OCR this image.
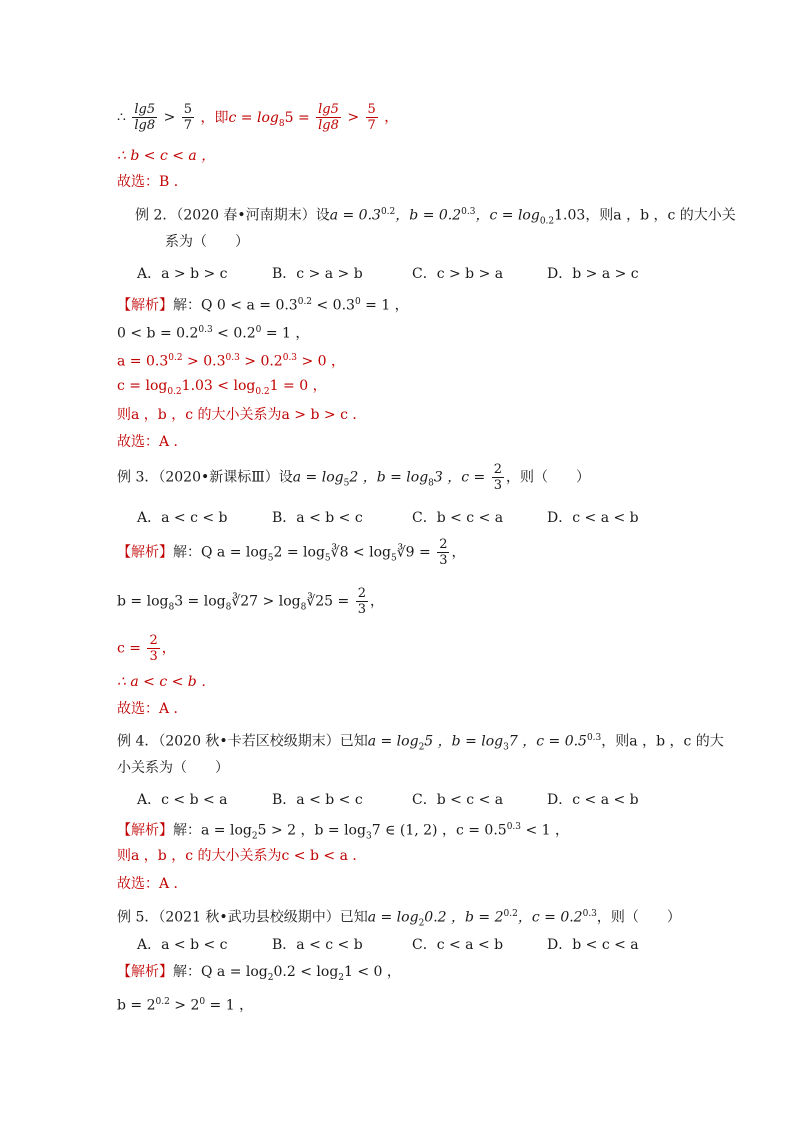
∴ $\frac{\lg 5}{\lg 8} > \frac{5}{7}$ ，即$c = \log_85 = \frac{\lg 5}{\lg 8} > \frac{5}{7}$ ，
∴ b < c < a ，
故选：B ．
例 2．（2020 春•河南期末）设$a = 0.3^{0.2}$，$b = 0.2^{0.3}$，$c = \log_{0.2}1.03$，则a ，b ，c 的大小关
系为（ ）
A．a > b > c	B．c > a > b	C．c > b > a	D．b > a > c
【解析】解：Q $0 < a = 0.3^{0.2} < 0.3^0 = 1$ ，
$0 < b = 0.2^{0.3} < 0.2^0 = 1$ ，
$a = 0.3^{0.2} > 0.3^{0.3} > 0.2^{0.3} > 0$ ，
$c = \log_{0.2}1.03 < \log_{0.2}1 = 0$ ，
则a ，b ，c 的大小关系为a > b > c ．
故选：A ．
例 3．（2020•新课标Ⅲ）设$a = \log_52$ ，$b = \log_83$ ，$c = \frac{2}{3}$ ，则（ ）
A．a < c < b	B．a < b < c	C．b < c < a	D．c < a < b
【解析】解：Q $a = \log_52$ = $\log_5∛8$ < $\log_5∛9 = \frac{2}{3}$ ，
$b = \log_83$ = $\log_8∛27$ > $\log_8∛25 = \frac{2}{3}$ ，
$c = \frac{2}{3}$ ，
∴ a < c < b ．
故选：A ．
例 4．（2020 秋•卡若区校级期末）已知$a = \log_25$ ，$b = \log_37$ ，$c = 0.5^{0.3}$，则a ，b ，c 的大
小关系为（ ）
A．c < b < a	B．a < b < c	C．b < c < a	D．c < a < b
【解析】解：$a = \log_25 > 2$ ，$b = \log_37$ ∈ (1, 2) ，$c = 0.5^{0.3} < 1$ ，
则a ，b ，c 的大小关系为c < b < a ．
故选：A ．
例 5．（2021 秋•武功县校级期中）已知$a = \log_20.2$ ，$b = 2^{0.2}$，$c = 0.2^{0.3}$，则（ ）
A．a < b < c	B．a < c < b	C．c < a < b	D．b < c < a
【解析】解：Q $a = \log_20.2 < \log_21 < 0$ ，
$b = 2^{0.2} > 2^0 = 1$ ，
